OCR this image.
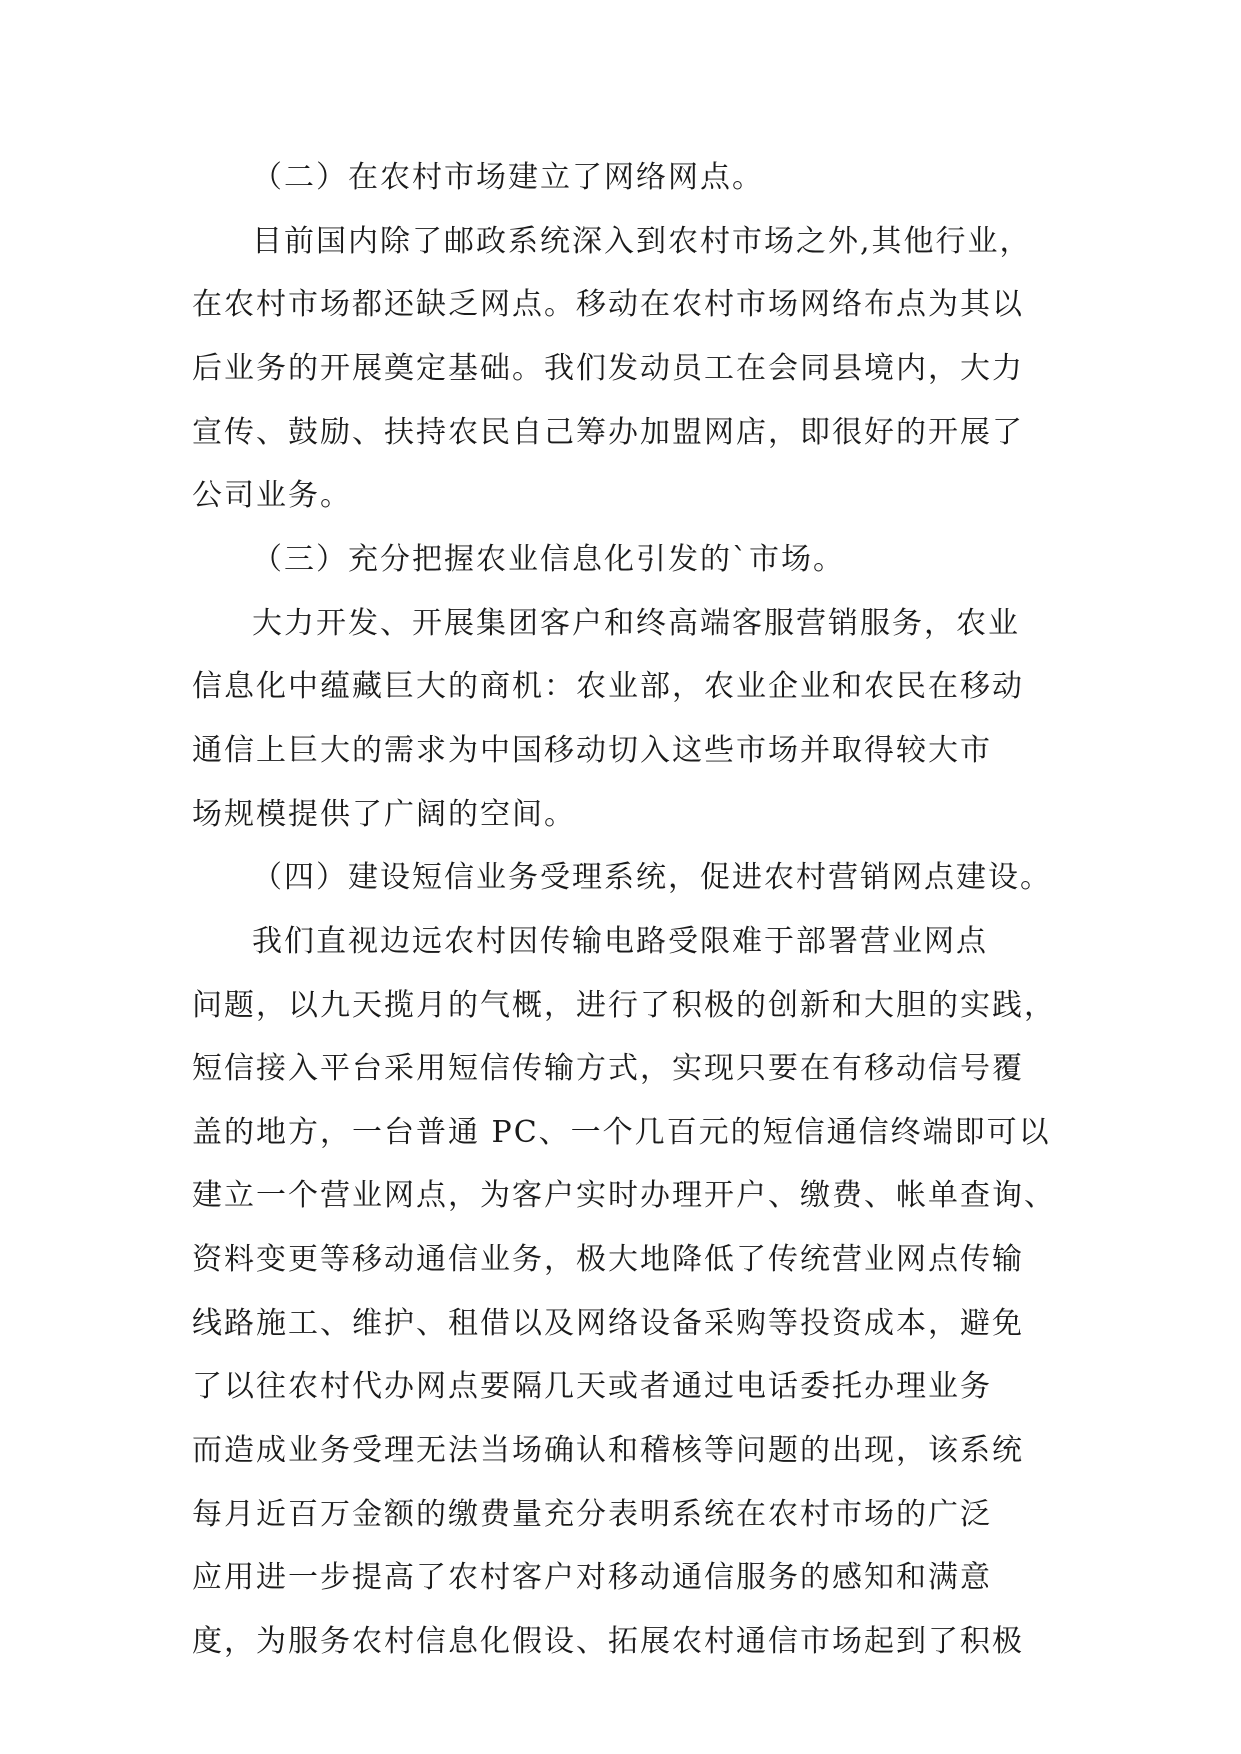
（二）在农村市场建立了网络网点。
目前国内除了邮政系统深入到农村市场之外,其他行业，
在农村市场都还缺乏网点。移动在农村市场网络布点为其以
后业务的开展奠定基础。我们发动员工在会同县境内，大力
宣传、鼓励、扶持农民自己筹办加盟网店，即很好的开展了
公司业务。
（三）充分把握农业信息化引发的`市场。
大力开发、开展集团客户和终高端客服营销服务，农业
信息化中蕴藏巨大的商机：农业部，农业企业和农民在移动
通信上巨大的需求为中国移动切入这些市场并取得较大市
场规模提供了广阔的空间。
（四）建设短信业务受理系统，促进农村营销网点建设。
我们直视边远农村因传输电路受限难于部署营业网点
问题，以九天揽月的气概，进行了积极的创新和大胆的实践，
短信接入平台采用短信传输方式，实现只要在有移动信号覆
盖的地方，一台普通 PC、一个几百元的短信通信终端即可以
建立一个营业网点，为客户实时办理开户、缴费、帐单查询、
资料变更等移动通信业务，极大地降低了传统营业网点传输
线路施工、维护、租借以及网络设备采购等投资成本，避免
了以往农村代办网点要隔几天或者通过电话委托办理业务
而造成业务受理无法当场确认和稽核等问题的出现，该系统
每月近百万金额的缴费量充分表明系统在农村市场的广泛
应用进一步提高了农村客户对移动通信服务的感知和满意
度，为服务农村信息化假设、拓展农村通信市场起到了积极
